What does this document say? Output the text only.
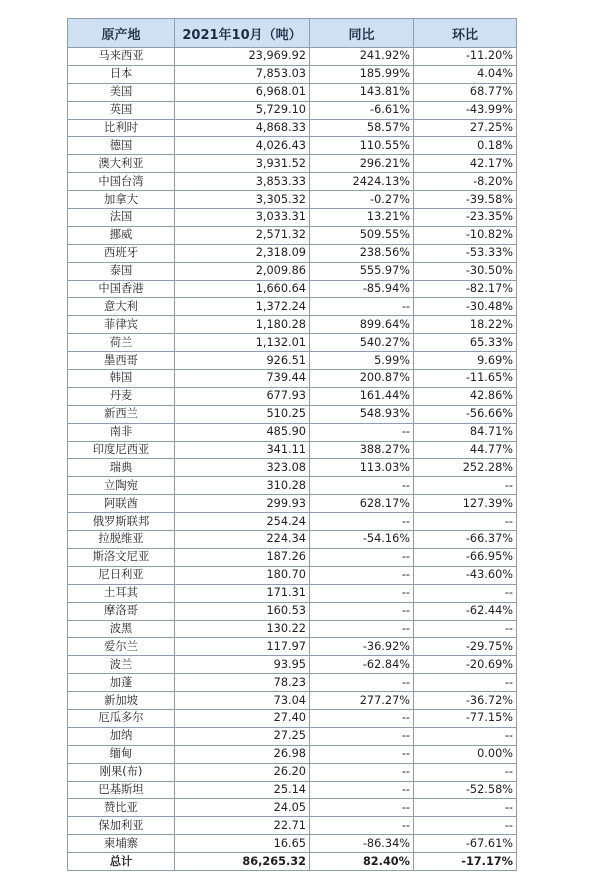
原产地	2021年10月（吨）	同比	环比
马来西亚	23,969.92	241.92%	-11.20%
日本	7,853.03	185.99%	4.04%
美国	6,968.01	143.81%	68.77%
英国	5,729.10	-6.61%	-43.99%
比利时	4,868.33	58.57%	27.25%
德国	4,026.43	110.55%	0.18%
澳大利亚	3,931.52	296.21%	42.17%
中国台湾	3,853.33	2424.13%	-8.20%
加拿大	3,305.32	-0.27%	-39.58%
法国	3,033.31	13.21%	-23.35%
挪威	2,571.32	509.55%	-10.82%
西班牙	2,318.09	238.56%	-53.33%
泰国	2,009.86	555.97%	-30.50%
中国香港	1,660.64	-85.94%	-82.17%
意大利	1,372.24	--	-30.48%
菲律宾	1,180.28	899.64%	18.22%
荷兰	1,132.01	540.27%	65.33%
墨西哥	926.51	5.99%	9.69%
韩国	739.44	200.87%	-11.65%
丹麦	677.93	161.44%	42.86%
新西兰	510.25	548.93%	-56.66%
南非	485.90	--	84.71%
印度尼西亚	341.11	388.27%	44.77%
瑞典	323.08	113.03%	252.28%
立陶宛	310.28	--	--
阿联酋	299.93	628.17%	127.39%
俄罗斯联邦	254.24	--	--
拉脱维亚	224.34	-54.16%	-66.37%
斯洛文尼亚	187.26	--	-66.95%
尼日利亚	180.70	--	-43.60%
土耳其	171.31	--	--
摩洛哥	160.53	--	-62.44%
波黑	130.22	--	--
爱尔兰	117.97	-36.92%	-29.75%
波兰	93.95	-62.84%	-20.69%
加蓬	78.23	--	--
新加坡	73.04	277.27%	-36.72%
厄瓜多尔	27.40	--	-77.15%
加纳	27.25	--	--
缅甸	26.98	--	0.00%
刚果(布)	26.20	--	--
巴基斯坦	25.14	--	-52.58%
赞比亚	24.05	--	--
保加利亚	22.71	--	--
柬埔寨	16.65	-86.34%	-67.61%
总计	86,265.32	82.40%	-17.17%
